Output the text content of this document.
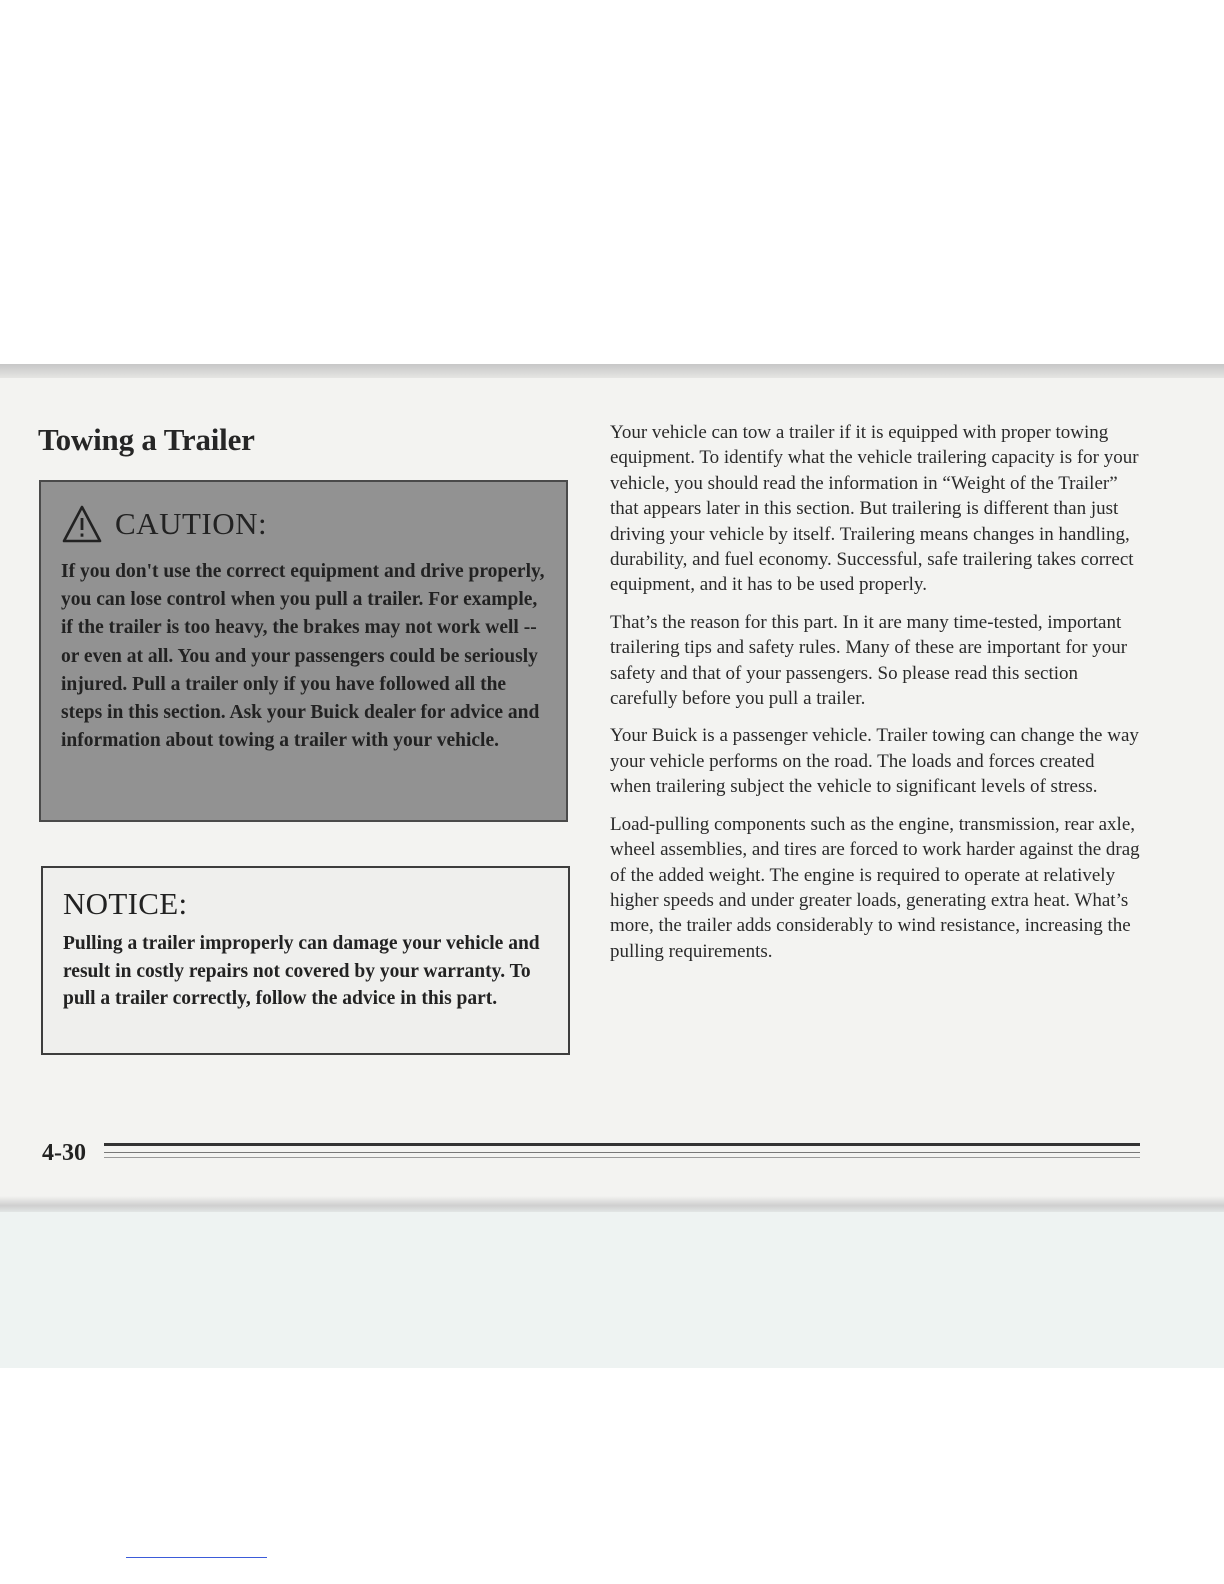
Towing a Trailer
CAUTION:

If you don't use the correct equipment and drive properly, you can lose control when you pull a trailer. For example, if the trailer is too heavy, the brakes may not work well -- or even at all. You and your passengers could be seriously injured. Pull a trailer only if you have followed all the steps in this section. Ask your Buick dealer for advice and information about towing a trailer with your vehicle.

NOTICE:

Pulling a trailer improperly can damage your vehicle and result in costly repairs not covered by your warranty. To pull a trailer correctly, follow the advice in this part.

Your vehicle can tow a trailer if it is equipped with proper towing equipment. To identify what the vehicle trailering capacity is for your vehicle, you should read the information in “Weight of the Trailer” that appears later in this section. But trailering is different than just driving your vehicle by itself. Trailering means changes in handling, durability, and fuel economy. Successful, safe trailering takes correct equipment, and it has to be used properly.

That’s the reason for this part. In it are many time-tested, important trailering tips and safety rules. Many of these are important for your safety and that of your passengers. So please read this section carefully before you pull a trailer.

Your Buick is a passenger vehicle. Trailer towing can change the way your vehicle performs on the road. The loads and forces created when trailering subject the vehicle to significant levels of stress.

Load-pulling components such as the engine, transmission, rear axle, wheel assemblies, and tires are forced to work harder against the drag of the added weight. The engine is required to operate at relatively higher speeds and under greater loads, generating extra heat. What’s more, the trailer adds considerably to wind resistance, increasing the pulling requirements.

4-30
